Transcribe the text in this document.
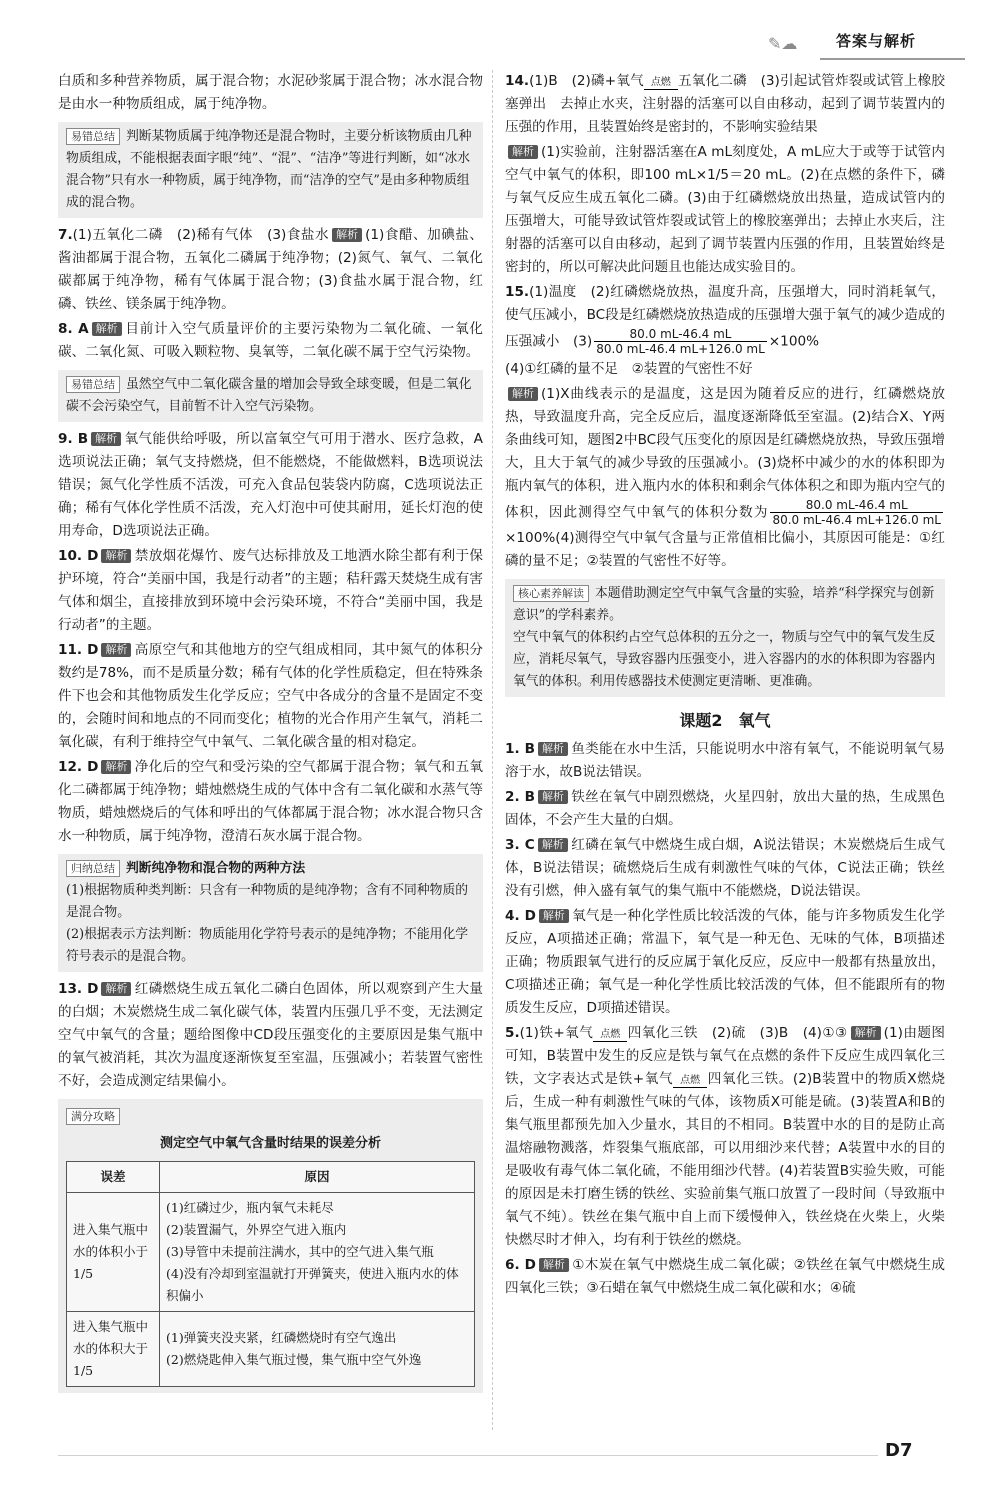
✎☁	答案与解析

白质和多种营养物质，属于混合物；水泥砂浆属于混合物；冰水混合物是由水一种物质组成，属于纯净物。

易错总结 判断某物质属于纯净物还是混合物时，主要分析该物质由几种物质组成，不能根据表面字眼“纯”、“混”、“洁净”等进行判断，如“冰水混合物”只有水一种物质，属于纯净物，而“洁净的空气”是由多种物质组成的混合物。

7.(1)五氧化二磷　(2)稀有气体　(3)食盐水 解析 (1)食醋、加碘盐、酱油都属于混合物，五氧化二磷属于纯净物；(2)氮气、氧气、二氧化碳都属于纯净物，稀有气体属于混合物；(3)食盐水属于混合物，红磷、铁丝、镁条属于纯净物。

8. A 解析 目前计入空气质量评价的主要污染物为二氧化硫、一氧化碳、二氧化氮、可吸入颗粒物、臭氧等，二氧化碳不属于空气污染物。

易错总结 虽然空气中二氧化碳含量的增加会导致全球变暖，但是二氧化碳不会污染空气，目前暂不计入空气污染物。

9. B 解析 氧气能供给呼吸，所以富氧空气可用于潜水、医疗急救，A选项说法正确；氧气支持燃烧，但不能燃烧，不能做燃料，B选项说法错误；氮气化学性质不活泼，可充入食品包装袋内防腐，C选项说法正确；稀有气体化学性质不活泼，充入灯泡中可使其耐用，延长灯泡的使用寿命，D选项说法正确。

10. D 解析 禁放烟花爆竹、废气达标排放及工地洒水除尘都有利于保护环境，符合“美丽中国，我是行动者”的主题；秸秆露天焚烧生成有害气体和烟尘，直接排放到环境中会污染环境，不符合“美丽中国，我是行动者”的主题。

11. D 解析 高原空气和其他地方的空气组成相同，其中氮气的体积分数约是78%，而不是质量分数；稀有气体的化学性质稳定，但在特殊条件下也会和其他物质发生化学反应；空气中各成分的含量不是固定不变的，会随时间和地点的不同而变化；植物的光合作用产生氧气，消耗二氧化碳，有利于维持空气中氧气、二氧化碳含量的相对稳定。

12. D 解析 净化后的空气和受污染的空气都属于混合物；氧气和五氧化二磷都属于纯净物；蜡烛燃烧生成的气体中含有二氧化碳和水蒸气等物质，蜡烛燃烧后的气体和呼出的气体都属于混合物；冰水混合物只含水一种物质，属于纯净物，澄清石灰水属于混合物。

归纳总结 判断纯净物和混合物的两种方法
(1)根据物质种类判断：只含有一种物质的是纯净物；含有不同种物质的是混合物。
(2)根据表示方法判断：物质能用化学符号表示的是纯净物；不能用化学符号表示的是混合物。

13. D 解析 红磷燃烧生成五氧化二磷白色固体，所以观察到产生大量的白烟；木炭燃烧生成二氧化碳气体，装置内压强几乎不变，无法测定空气中氧气的含量；题给图像中CD段压强变化的主要原因是集气瓶中的氧气被消耗，其次为温度逐渐恢复至室温，压强减小；若装置气密性不好，会造成测定结果偏小。

满分攻略
测定空气中氧气含量时结果的误差分析
误差	原因
进入集气瓶中水的体积小于1/5	(1)红磷过少，瓶内氧气未耗尽
(2)装置漏气，外界空气进入瓶内
(3)导管中未提前注满水，其中的空气进入集气瓶
(4)没有冷却到室温就打开弹簧夹，使进入瓶内水的体积偏小

进入集气瓶中水的体积大于1/5	(1)弹簧夹没夹紧，红磷燃烧时有空气逸出
(2)燃烧匙伸入集气瓶过慢，集气瓶中空气外逸

14.(1)B　(2)磷+氧气 点燃 五氧化二磷　(3)引起试管炸裂或试管上橡胶塞弹出　去掉止水夹，注射器的活塞可以自由移动，起到了调节装置内的压强的作用，且装置始终是密封的，不影响实验结果

解析 (1)实验前，注射器活塞在A mL刻度处，A mL应大于或等于试管内空气中氧气的体积，即100 mL×1/5＝20 mL。(2)在点燃的条件下，磷与氧气反应生成五氧化二磷。(3)由于红磷燃烧放出热量，造成试管内的压强增大，可能导致试管炸裂或试管上的橡胶塞弹出；去掉止水夹后，注射器的活塞可以自由移动，起到了调节装置内压强的作用，且装置始终是密封的，所以可解决此问题且也能达成实验目的。

15.(1)温度　(2)红磷燃烧放热，温度升高，压强增大，同时消耗氧气，使气压减小，BC段是红磷燃烧放热造成的压强增大强于氧气的减少造成的压强减小　$(3) \frac{80.0 mL-46.4 mL}{80.0 mL-46.4 mL+126.0 mL} \times 100\%$

(4)①红磷的量不足　②装置的气密性不好

解析 (1)X曲线表示的是温度，这是因为随着反应的进行，红磷燃烧放热，导致温度升高，完全反应后，温度逐渐降低至室温。(2)结合X、Y两条曲线可知，题图2中BC段气压变化的原因是红磷燃烧放热，导致压强增大，且大于氧气的减少导致的压强减小。(3)烧杯中减少的水的体积即为瓶内氧气的体积，进入瓶内水的体积和剩余气体体积之和即为瓶内空气的体积，因此测得空气中氧气的体积分数为 $\frac{80.0 mL-46.4 mL}{80.0 mL-46.4 mL+126.0 mL}$
×100%(4)测得空气中氧气含量与正常值相比偏小，其原因可能是：①红磷的量不足；②装置的气密性不好等。

核心素养解读 本题借助测定空气中氧气含量的实验，培养“科学探究与创新意识”的学科素养。
空气中氧气的体积约占空气总体积的五分之一，物质与空气中的氧气发生反应，消耗尽氧气，导致容器内压强变小，进入容器内的水的体积即为容器内氧气的体积。利用传感器技术使测定更清晰、更准确。
课题2　氧气

1. B 解析 鱼类能在水中生活，只能说明水中溶有氧气，不能说明氧气易溶于水，故B说法错误。

2. B 解析 铁丝在氧气中剧烈燃烧，火星四射，放出大量的热，生成黑色固体，不会产生大量的白烟。

3. C 解析 红磷在氧气中燃烧生成白烟，A说法错误；木炭燃烧后生成气体，B说法错误；硫燃烧后生成有刺激性气味的气体，C说法正确；铁丝没有引燃，伸入盛有氧气的集气瓶中不能燃烧，D说法错误。

4. D 解析 氧气是一种化学性质比较活泼的气体，能与许多物质发生化学反应，A项描述正确；常温下，氧气是一种无色、无味的气体，B项描述正确；物质跟氧气进行的反应属于氧化反应，反应中一般都有热量放出，C项描述正确；氧气是一种化学性质比较活泼的气体，但不能跟所有的物质发生反应，D项描述错误。

5.(1)铁+氧气 点燃 四氧化三铁　(2)硫　(3)B　(4)①③ 解析 (1)由题图可知，B装置中发生的反应是铁与氧气在点燃的条件下反应生成四氧化三铁，文字表达式是铁+氧气 点燃 四氧化三铁。(2)B装置中的物质X燃烧后，生成一种有刺激性气味的气体，该物质X可能是硫。(3)装置A和B的集气瓶里都预先加入少量水，其目的不相同。B装置中水的目的是防止高温熔融物溅落，炸裂集气瓶底部，可以用细沙来代替；A装置中水的目的是吸收有毒气体二氧化硫，不能用细沙代替。(4)若装置B实验失败，可能的原因是未打磨生锈的铁丝、实验前集气瓶口放置了一段时间（导致瓶中氧气不纯）。铁丝在集气瓶中自上而下缓慢伸入，铁丝烧在火柴上，火柴快燃尽时才伸入，均有利于铁丝的燃烧。

6. D 解析 ①木炭在氧气中燃烧生成二氧化碳；②铁丝在氧气中燃烧生成四氧化三铁；③石蜡在氧气中燃烧生成二氧化碳和水；④硫

D7
